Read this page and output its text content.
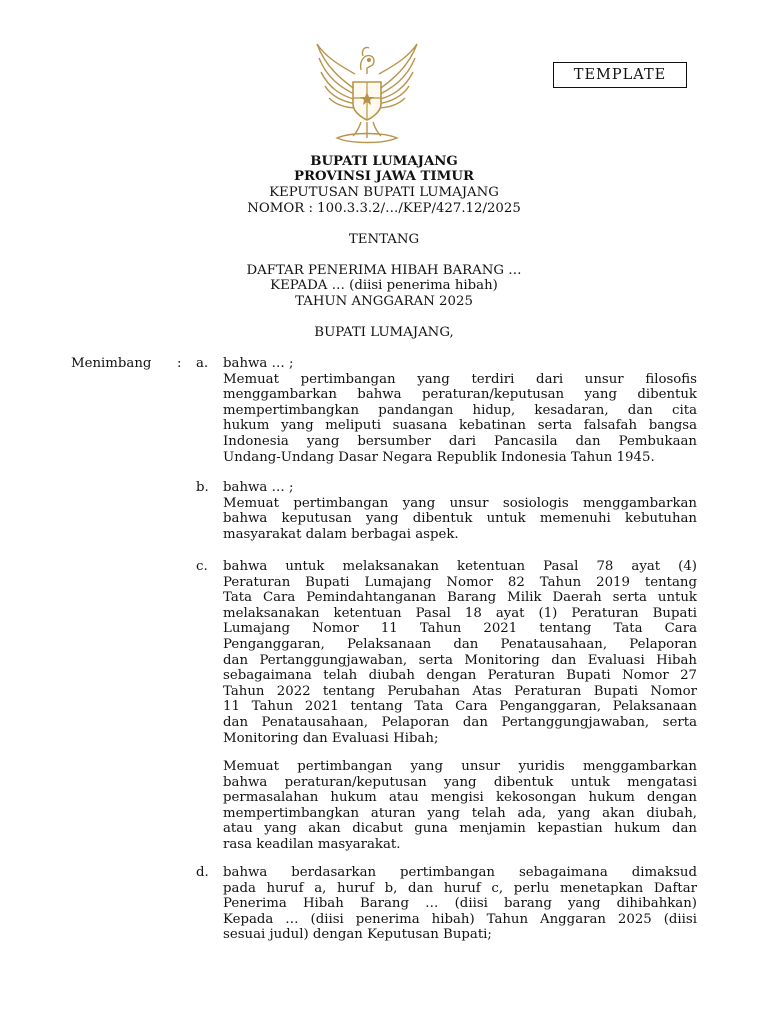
TEMPLATE
BUPATI LUMAJANG
PROVINSI JAWA TIMUR
KEPUTUSAN BUPATI LUMAJANG
NOMOR : 100.3.3.2/…/KEP/427.12/2025
TENTANG
DAFTAR PENERIMA HIBAH BARANG …
KEPADA … (diisi penerima hibah)
TAHUN ANGGARAN 2025
BUPATI LUMAJANG,
Menimbang : a. bahwa … ;
Memuat pertimbangan yang terdiri dari unsur filosofis
menggambarkan bahwa peraturan/keputusan yang dibentuk
mempertimbangkan pandangan hidup, kesadaran, dan cita
hukum yang meliputi suasana kebatinan serta falsafah bangsa
Indonesia yang bersumber dari Pancasila dan Pembukaan
Undang-Undang Dasar Negara Republik Indonesia Tahun 1945.
b. bahwa … ;
Memuat pertimbangan yang unsur sosiologis menggambarkan
bahwa keputusan yang dibentuk untuk memenuhi kebutuhan
masyarakat dalam berbagai aspek.
c. bahwa untuk melaksanakan ketentuan Pasal 78 ayat (4)
Peraturan Bupati Lumajang Nomor 82 Tahun 2019 tentang
Tata Cara Pemindahtanganan Barang Milik Daerah serta untuk
melaksanakan ketentuan Pasal 18 ayat (1) Peraturan Bupati
Lumajang Nomor 11 Tahun 2021 tentang Tata Cara
Penganggaran, Pelaksanaan dan Penatausahaan, Pelaporan
dan Pertanggungjawaban, serta Monitoring dan Evaluasi Hibah
sebagaimana telah diubah dengan Peraturan Bupati Nomor 27
Tahun 2022 tentang Perubahan Atas Peraturan Bupati Nomor
11 Tahun 2021 tentang Tata Cara Penganggaran, Pelaksanaan
dan Penatausahaan, Pelaporan dan Pertanggungjawaban, serta
Monitoring dan Evaluasi Hibah;
Memuat pertimbangan yang unsur yuridis menggambarkan
bahwa peraturan/keputusan yang dibentuk untuk mengatasi
permasalahan hukum atau mengisi kekosongan hukum dengan
mempertimbangkan aturan yang telah ada, yang akan diubah,
atau yang akan dicabut guna menjamin kepastian hukum dan
rasa keadilan masyarakat.
d. bahwa berdasarkan pertimbangan sebagaimana dimaksud
pada huruf a, huruf b, dan huruf c, perlu menetapkan Daftar
Penerima Hibah Barang … (diisi barang yang dihibahkan)
Kepada … (diisi penerima hibah) Tahun Anggaran 2025 (diisi
sesuai judul) dengan Keputusan Bupati;
